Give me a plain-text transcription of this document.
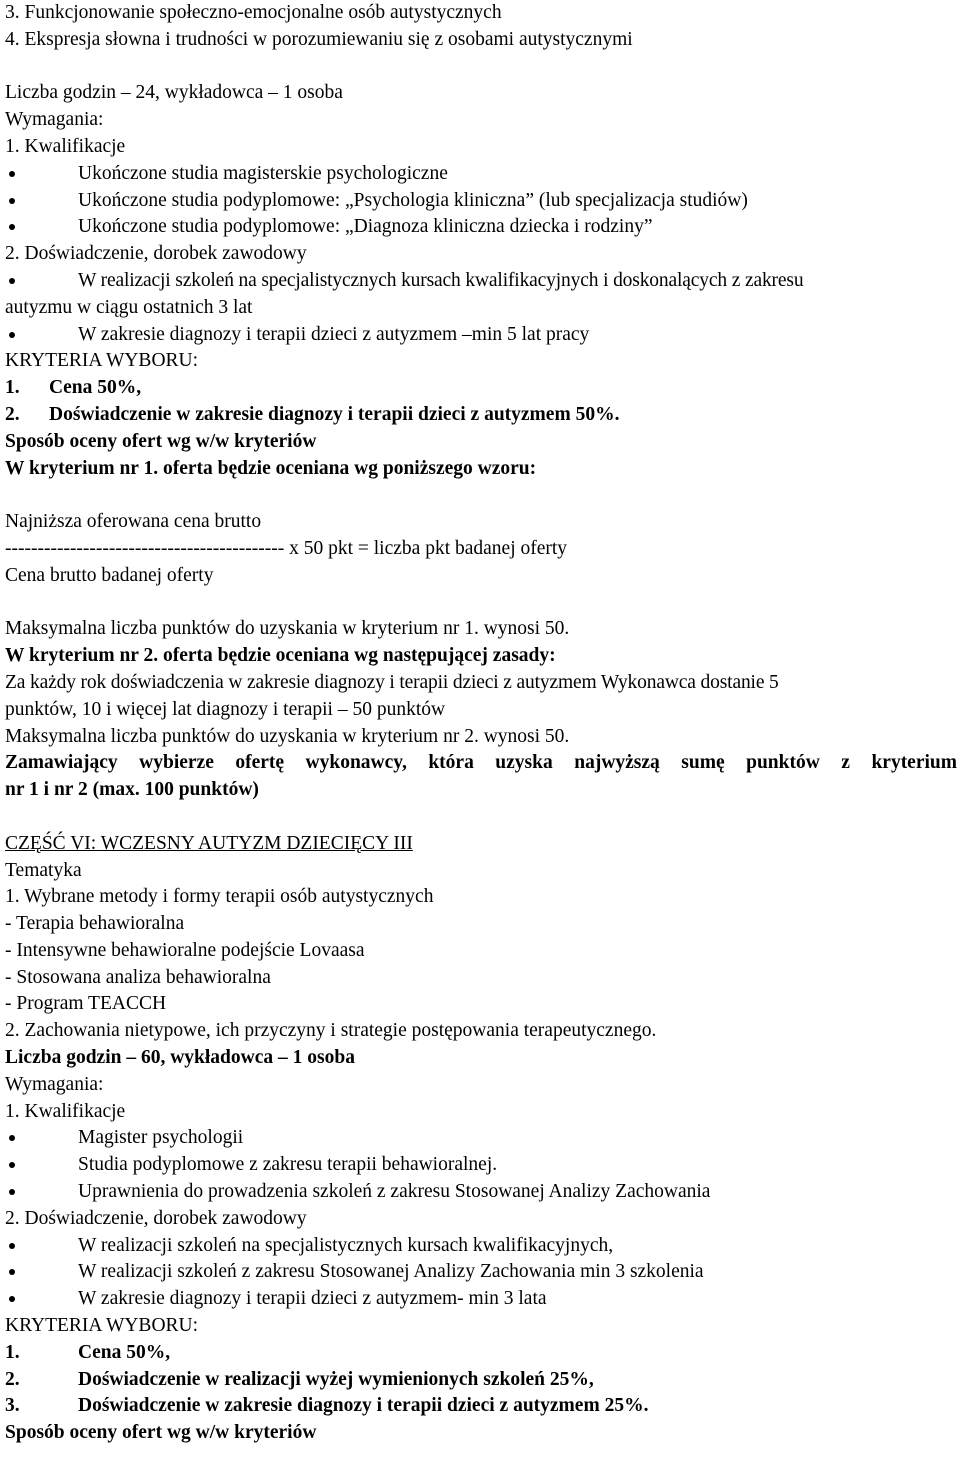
3. Funkcjonowanie społeczno-emocjonalne osób autystycznych
4. Ekspresja słowna i trudności w porozumiewaniu się z osobami autystycznymi
Liczba godzin – 24, wykładowca – 1 osoba
Wymagania:
1. Kwalifikacje
Ukończone studia magisterskie psychologiczne
Ukończone studia podyplomowe: „Psychologia kliniczna” (lub specjalizacja studiów)
Ukończone studia podyplomowe: „Diagnoza kliniczna dziecka i rodziny”
2. Doświadczenie, dorobek zawodowy
W realizacji szkoleń na specjalistycznych kursach kwalifikacyjnych i doskonalących z zakresu
autyzmu w ciągu ostatnich 3 lat
W zakresie diagnozy i terapii dzieci z autyzmem –min 5 lat pracy
KRYTERIA WYBORU:
1. Cena 50%,
2. Doświadczenie w zakresie diagnozy i terapii dzieci z autyzmem 50%.
Sposób oceny ofert wg w/w kryteriów
W kryterium nr 1. oferta będzie oceniana wg poniższego wzoru:
Najniższa oferowana cena brutto
------------------------------------------- x 50 pkt = liczba pkt badanej oferty
Cena brutto badanej oferty
Maksymalna liczba punktów do uzyskania w kryterium nr 1. wynosi 50.
W kryterium nr 2. oferta będzie oceniana wg następującej zasady:
Za każdy rok doświadczenia w zakresie diagnozy i terapii dzieci z autyzmem Wykonawca dostanie 5
punktów, 10 i więcej lat diagnozy i terapii – 50 punktów
Maksymalna liczba punktów do uzyskania w kryterium nr 2. wynosi 50.
Zamawiający wybierze ofertę wykonawcy, która uzyska najwyższą sumę punktów z kryterium
nr 1 i nr 2 (max. 100 punktów)
CZĘŚĆ VI: WCZESNY AUTYZM DZIECIĘCY III
Tematyka
1. Wybrane metody i formy terapii osób autystycznych
- Terapia behawioralna
- Intensywne behawioralne podejście Lovaasa
- Stosowana analiza behawioralna
- Program TEACCH
2. Zachowania nietypowe, ich przyczyny i strategie postępowania terapeutycznego.
Liczba godzin – 60, wykładowca – 1 osoba
Wymagania:
1. Kwalifikacje
Magister psychologii
Studia podyplomowe z zakresu terapii behawioralnej.
Uprawnienia do prowadzenia szkoleń z zakresu Stosowanej Analizy Zachowania
2. Doświadczenie, dorobek zawodowy
W realizacji szkoleń na specjalistycznych kursach kwalifikacyjnych,
W realizacji szkoleń z zakresu Stosowanej Analizy Zachowania min 3 szkolenia
W zakresie diagnozy i terapii dzieci z autyzmem- min 3 lata
KRYTERIA WYBORU:
1.	Cena 50%,
2.	Doświadczenie w realizacji wyżej wymienionych szkoleń 25%,
3.	Doświadczenie w zakresie diagnozy i terapii dzieci z autyzmem 25%.
Sposób oceny ofert wg w/w kryteriów
